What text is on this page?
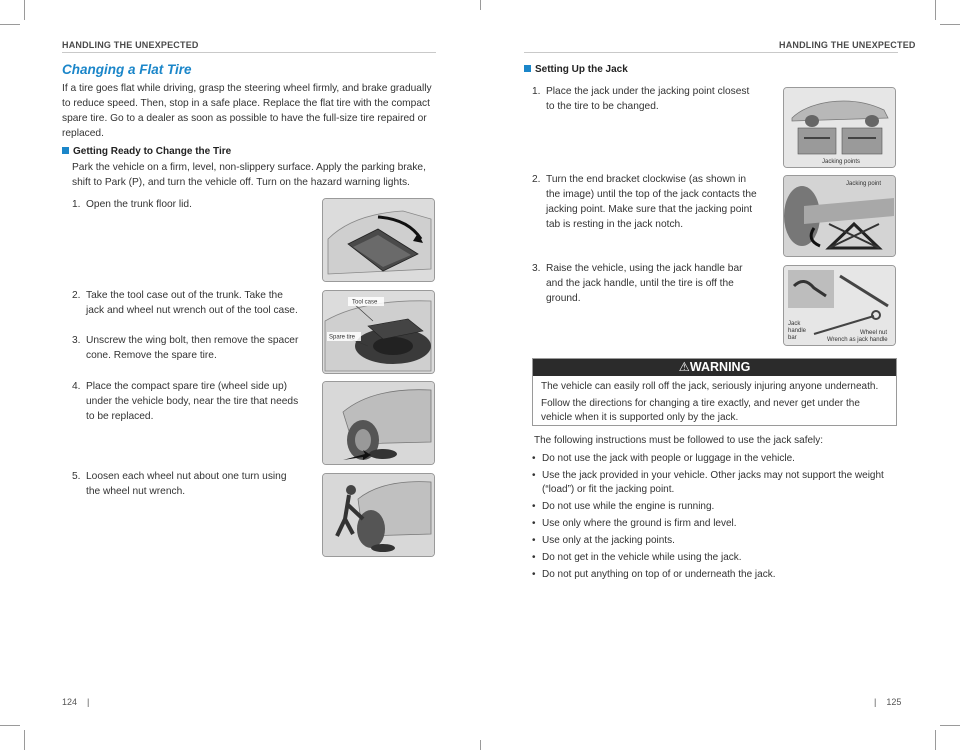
HANDLING THE UNEXPECTED	HANDLING THE UNEXPECTED
Changing a Flat Tire
If a tire goes flat while driving, grasp the steering wheel firmly, and brake gradually to reduce speed. Then, stop in a safe place. Replace the flat tire with the compact spare tire. Go to a dealer as soon as possible to have the full-size tire repaired or replaced.
Getting Ready to Change the Tire
Park the vehicle on a firm, level, non-slippery surface. Apply the parking brake, shift to Park (P), and turn the vehicle off. Turn on the hazard warning lights.
1. Open the trunk floor lid.
2. Take the tool case out of the trunk. Take the jack and wheel nut wrench out of the tool case.
3. Unscrew the wing bolt, then remove the spacer cone. Remove the spare tire.
4. Place the compact spare tire (wheel side up) under the vehicle body, near the tire that needs to be replaced.
5. Loosen each wheel nut about one turn using the wheel nut wrench.
Tool case
Spare tire
124 |
Setting Up the Jack
1. Place the jack under the jacking point closest to the tire to be changed.
2. Turn the end bracket clockwise (as shown in the image) until the top of the jack contacts the jacking point. Make sure that the jacking point tab is resting in the jack notch.
3. Raise the vehicle, using the jack handle bar and the jack handle, until the tire is off the ground.
Jacking points
Jacking point
Jack
handle
bar
Wheel nut
Wrench as jack handle
⚠WARNING
The vehicle can easily roll off the jack, seriously injuring anyone underneath.
Follow the directions for changing a tire exactly, and never get under the vehicle when it is supported only by the jack.
The following instructions must be followed to use the jack safely:
• Do not use the jack with people or luggage in the vehicle.
• Use the jack provided in your vehicle. Other jacks may not support the weight (“load”) or fit the jacking point.
• Do not use while the engine is running.
• Use only where the ground is firm and level.
• Use only at the jacking points.
• Do not get in the vehicle while using the jack.
• Do not put anything on top of or underneath the jack.
| 125
